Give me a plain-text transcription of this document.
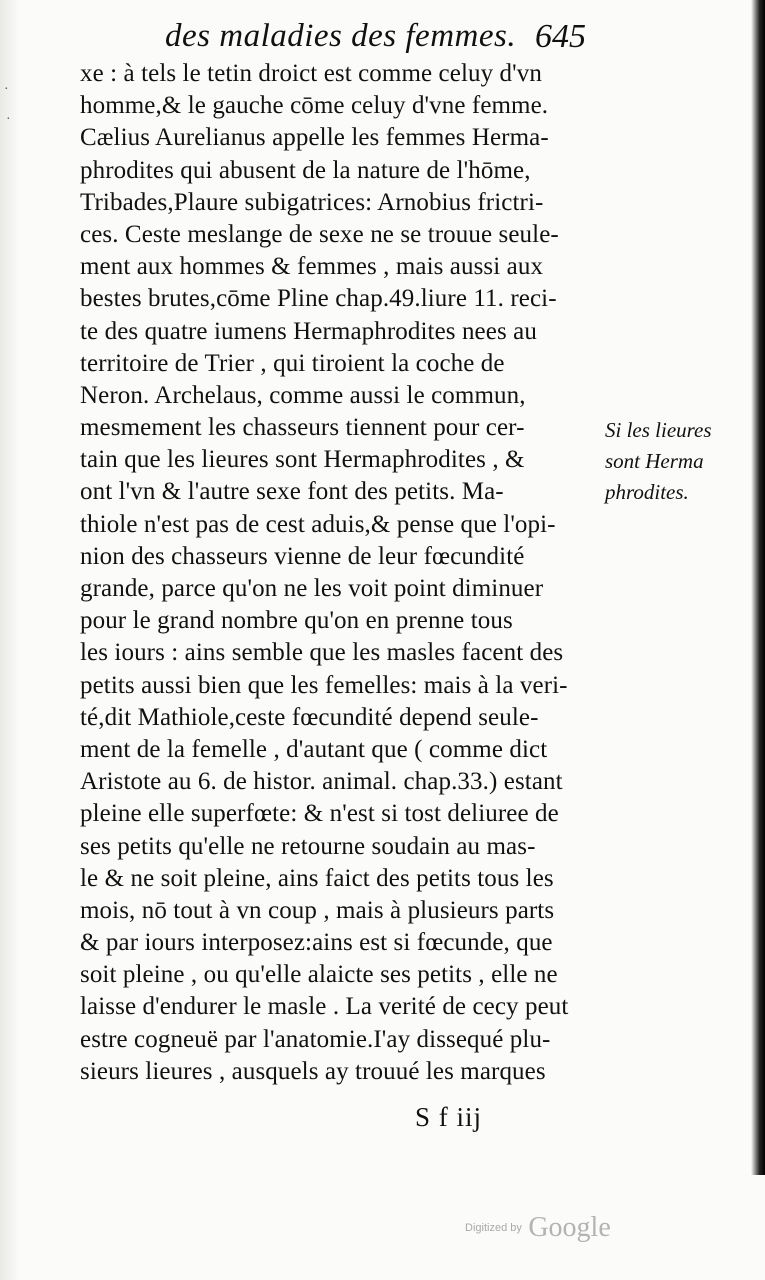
·
·
des maladies des femmes. 645
xe : à tels le tetin droict est comme celuy d'vn
homme,& le gauche cōme celuy d'vne femme.
Cælius Aurelianus appelle les femmes Herma-
phrodites qui abusent de la nature de l'hōme,
Tribades,Plaure subigatrices: Arnobius frictri-
ces. Ceste meslange de sexe ne se trouue seule-
ment aux hommes & femmes , mais aussi aux
bestes brutes,cōme Pline chap.49.liure 11. reci-
te des quatre iumens Hermaphrodites nees au
territoire de Trier , qui tiroient la coche de
Neron. Archelaus, comme aussi le commun,
mesmement les chasseurs tiennent pour cer-
tain que les lieures sont Hermaphrodites , &
ont l'vn & l'autre sexe font des petits. Ma-
thiole n'est pas de cest aduis,& pense que l'opi-
nion des chasseurs vienne de leur fœcundité
grande, parce qu'on ne les voit point diminuer
pour le grand nombre qu'on en prenne tous
les iours : ains semble que les masles facent des
petits aussi bien que les femelles: mais à la veri-
té,dit Mathiole,ceste fœcundité depend seule-
ment de la femelle , d'autant que ( comme dict
Aristote au 6. de histor. animal. chap.33.) estant
pleine elle superfœte: & n'est si tost deliuree de
ses petits qu'elle ne retourne soudain au mas-
le & ne soit pleine, ains faict des petits tous les
mois, nō tout à vn coup , mais à plusieurs parts
& par iours interposez:ains est si fœcunde, que
soit pleine , ou qu'elle alaicte ses petits , elle ne
laisse d'endurer le masle . La verité de cecy peut
estre cogneuë par l'anatomie.I'ay dissequé plu-
sieurs lieures , ausquels ay trouué les marques
Si les lieures
sont Herma
phrodites.
S f iij
Digitized by Google
